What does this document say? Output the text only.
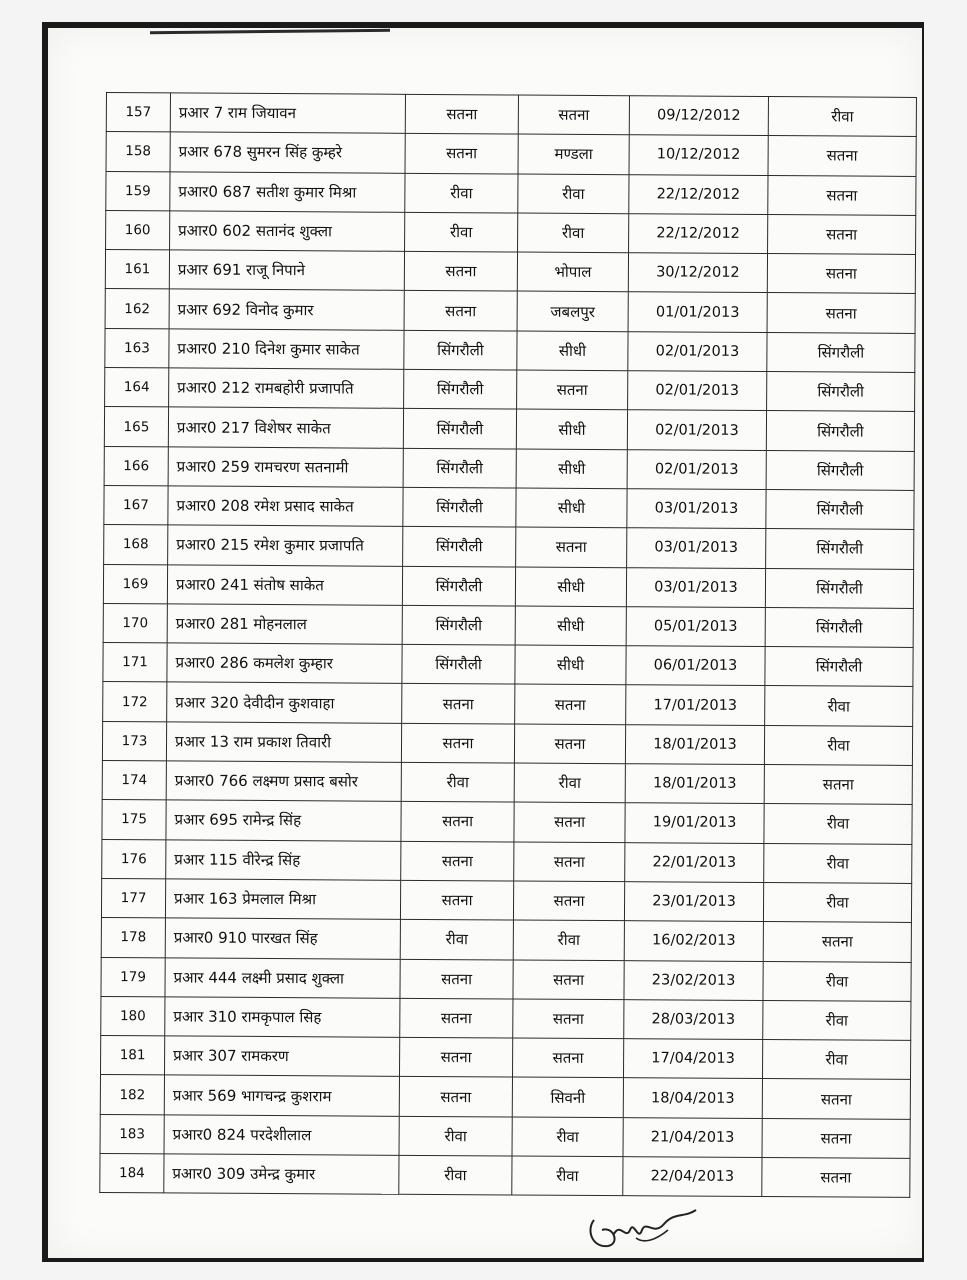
157	प्रआर 7 राम जियावन	सतना	सतना	09/12/2012	रीवा
158	प्रआर 678 सुमरन सिंह कुम्हरे	सतना	मण्डला	10/12/2012	सतना
159	प्रआर0 687 सतीश कुमार मिश्रा	रीवा	रीवा	22/12/2012	सतना
160	प्रआर0 602 सतानंद शुक्ला	रीवा	रीवा	22/12/2012	सतना
161	प्रआर 691 राजू निपाने	सतना	भोपाल	30/12/2012	सतना
162	प्रआर 692 विनोद कुमार	सतना	जबलपुर	01/01/2013	सतना
163	प्रआर0 210 दिनेश कुमार साकेत	सिंगरौली	सीधी	02/01/2013	सिंगरौली
164	प्रआर0 212 रामबहोरी प्रजापति	सिंगरौली	सतना	02/01/2013	सिंगरौली
165	प्रआर0 217 विशेषर साकेत	सिंगरौली	सीधी	02/01/2013	सिंगरौली
166	प्रआर0 259 रामचरण सतनामी	सिंगरौली	सीधी	02/01/2013	सिंगरौली
167	प्रआर0 208 रमेश प्रसाद साकेत	सिंगरौली	सीधी	03/01/2013	सिंगरौली
168	प्रआर0 215 रमेश कुमार प्रजापति	सिंगरौली	सतना	03/01/2013	सिंगरौली
169	प्रआर0 241 संतोष साकेत	सिंगरौली	सीधी	03/01/2013	सिंगरौली
170	प्रआर0 281 मोहनलाल	सिंगरौली	सीधी	05/01/2013	सिंगरौली
171	प्रआर0 286 कमलेश कुम्हार	सिंगरौली	सीधी	06/01/2013	सिंगरौली
172	प्रआर 320 देवीदीन कुशवाहा	सतना	सतना	17/01/2013	रीवा
173	प्रआर 13 राम प्रकाश तिवारी	सतना	सतना	18/01/2013	रीवा
174	प्रआर0 766 लक्ष्मण प्रसाद बसोर	रीवा	रीवा	18/01/2013	सतना
175	प्रआर 695 रामेन्द्र सिंह	सतना	सतना	19/01/2013	रीवा
176	प्रआर 115 वीरेन्द्र सिंह	सतना	सतना	22/01/2013	रीवा
177	प्रआर 163 प्रेमलाल मिश्रा	सतना	सतना	23/01/2013	रीवा
178	प्रआर0 910 पारखत सिंह	रीवा	रीवा	16/02/2013	सतना
179	प्रआर 444 लक्ष्मी प्रसाद शुक्ला	सतना	सतना	23/02/2013	रीवा
180	प्रआर 310 रामकृपाल सिह	सतना	सतना	28/03/2013	रीवा
181	प्रआर 307 रामकरण	सतना	सतना	17/04/2013	रीवा
182	प्रआर 569 भागचन्द्र कुशराम	सतना	सिवनी	18/04/2013	सतना
183	प्रआर0 824 परदेशीलाल	रीवा	रीवा	21/04/2013	सतना
184	प्रआर0 309 उमेन्द्र कुमार	रीवा	रीवा	22/04/2013	सतना
